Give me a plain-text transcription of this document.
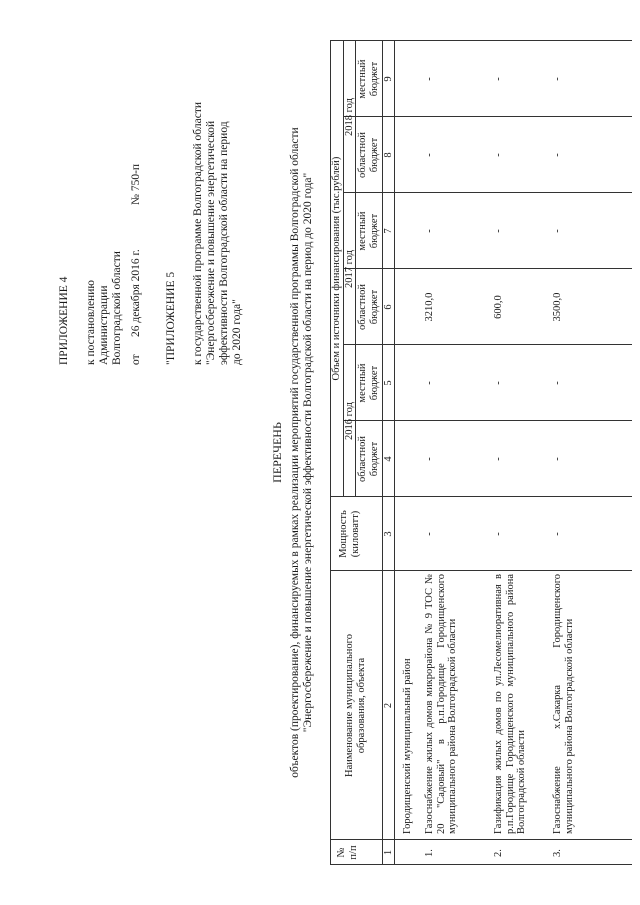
ПРИЛОЖЕНИЕ 4 к постановлению Администрации Волгоградской области от
26 декабря 2016 г.
№ 750-п
"ПРИЛОЖЕНИЕ 5 к государственной программе Волгоградской области "Энергосбережение и повышение энергетической эффективности Волгоградской области на период до 2020 года"
ПЕРЕЧЕНЬ объектов (проектирование), финансируемых в рамках реализации мероприятий государственной программы Волгоградской области "Энергосбережение и повышение энергетической эффективности Волгоградской области на период до 2020 года"
№ п/п
Наименование муниципального образования, объекта
Мощность (киловатт)
Объем и источники финансирования (тыс.рублей)
2016 год
2017 год
2018 год
областной бюджет
местный бюджет
областной бюджет
местный бюджет
областной бюджет
местный бюджет
1
2
3
4
5
6
7
8
9
Городищенский муниципальный район
1.
Газоснабжение жилых домов микрорайона № 9 ТОС № 20 "Садовый" в р.п.Городище Городищенского муниципального района Волгоградской области
-
-
-
3210,0
-
-
-
2.
Газификация жилых домов по ул.Лесомелиоративная в р.п.Городище Городищенского муниципального района Волгоградской области
-
-
-
600,0
-
-
-
3.
Газоснабжение х.Сакарка Городищенского муниципального района Волгоградской области
-
-
-
3500,0
-
-
-
